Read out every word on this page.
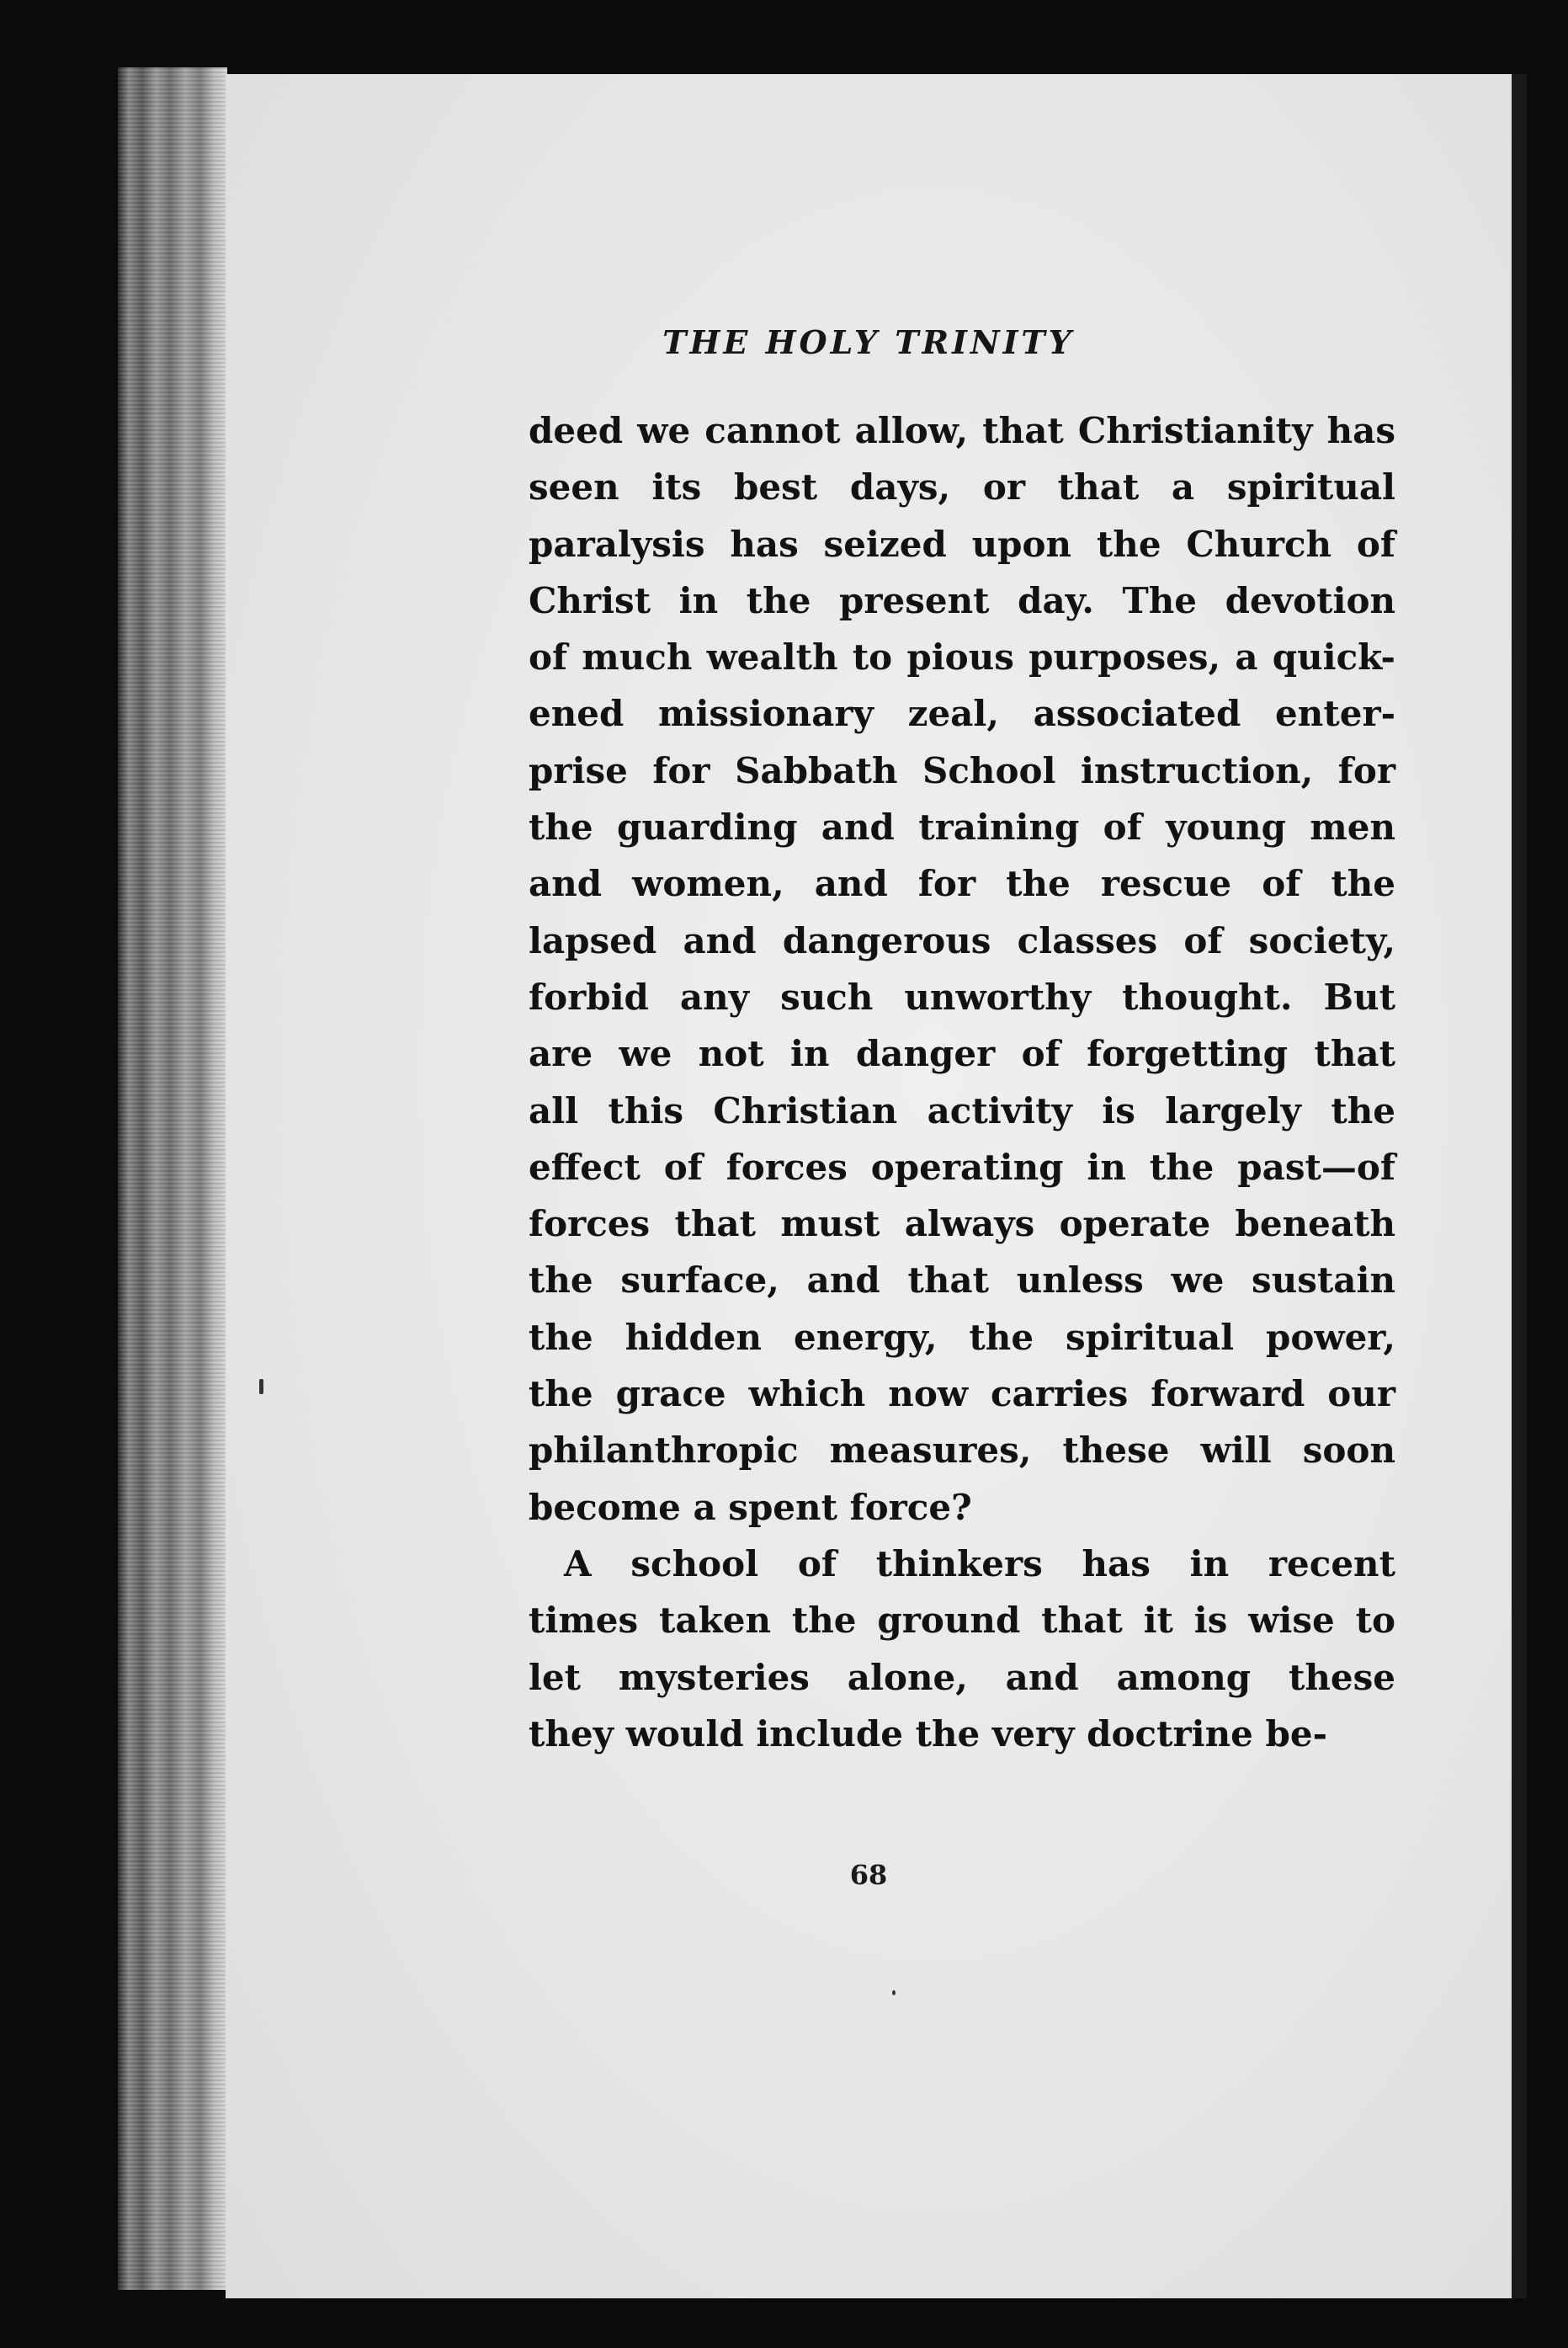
THE HOLY TRINITY
68
deed we cannot allow, that Christianity has
seen its best days, or that a spiritual
paralysis has seized upon the Church of
Christ in the present day. The devotion
of much wealth to pious purposes, a quick-
ened missionary zeal, associated enter-
prise for Sabbath School instruction, for
the guarding and training of young men
and women, and for the rescue of the
lapsed and dangerous classes of society,
forbid any such unworthy thought. But
are we not in danger of forgetting that
all this Christian activity is largely the
effect of forces operating in the past—of
forces that must always operate beneath
the surface, and that unless we sustain
the hidden energy, the spiritual power,
the grace which now carries forward our
philanthropic measures, these will soon
become a spent force?
A school of thinkers has in recent
times taken the ground that it is wise to
let mysteries alone, and among these
they would include the very doctrine be-
